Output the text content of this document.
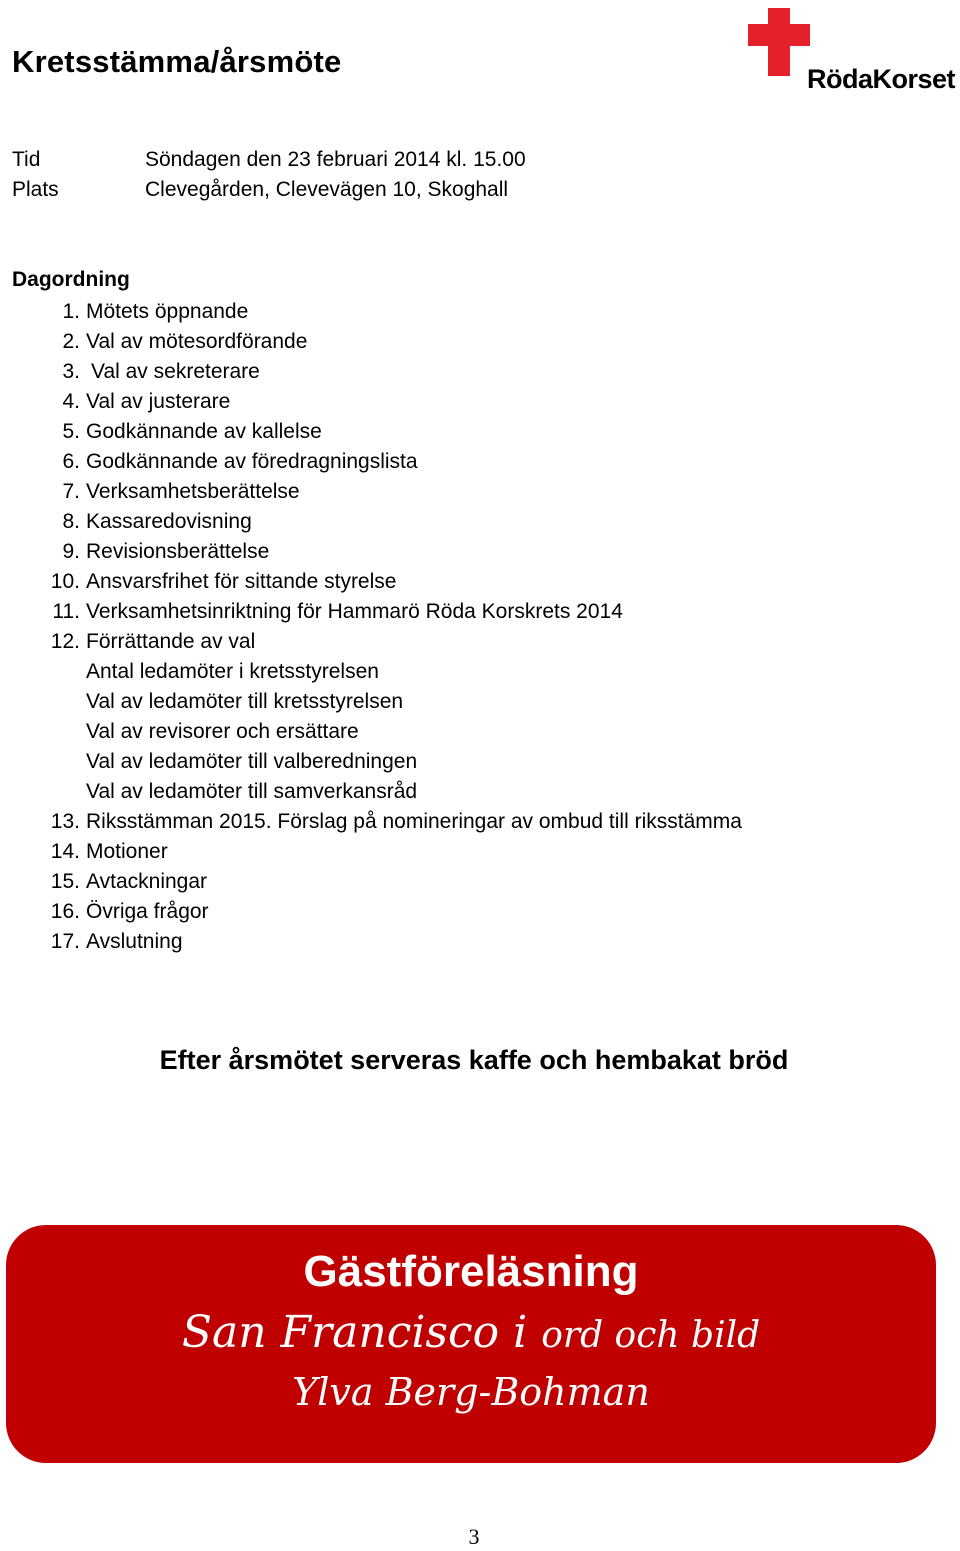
Kretsstämma/årsmöte	RödaKorset
Tid	Söndagen den 23 februari 2014 kl. 15.00
Plats	Clevegården, Clevevägen 10, Skoghall
Dagordning
1. Mötets öppnande
2. Val av mötesordförande
3. Val av sekreterare
4. Val av justerare
5. Godkännande av kallelse
6. Godkännande av föredragningslista
7. Verksamhetsberättelse
8. Kassaredovisning
9. Revisionsberättelse
10. Ansvarsfrihet för sittande styrelse
11. Verksamhetsinriktning för Hammarö Röda Korskrets 2014
12. Förrättande av val
Antal ledamöter i kretsstyrelsen
Val av ledamöter till kretsstyrelsen
Val av revisorer och ersättare
Val av ledamöter till valberedningen
Val av ledamöter till samverkansråd
13. Riksstämman 2015. Förslag på nomineringar av ombud till riksstämma
14. Motioner
15. Avtackningar
16. Övriga frågor
17. Avslutning
Efter årsmötet serveras kaffe och hembakat bröd
Gästföreläsning
San Francisco i ord och bild
Ylva Berg-Bohman
3
